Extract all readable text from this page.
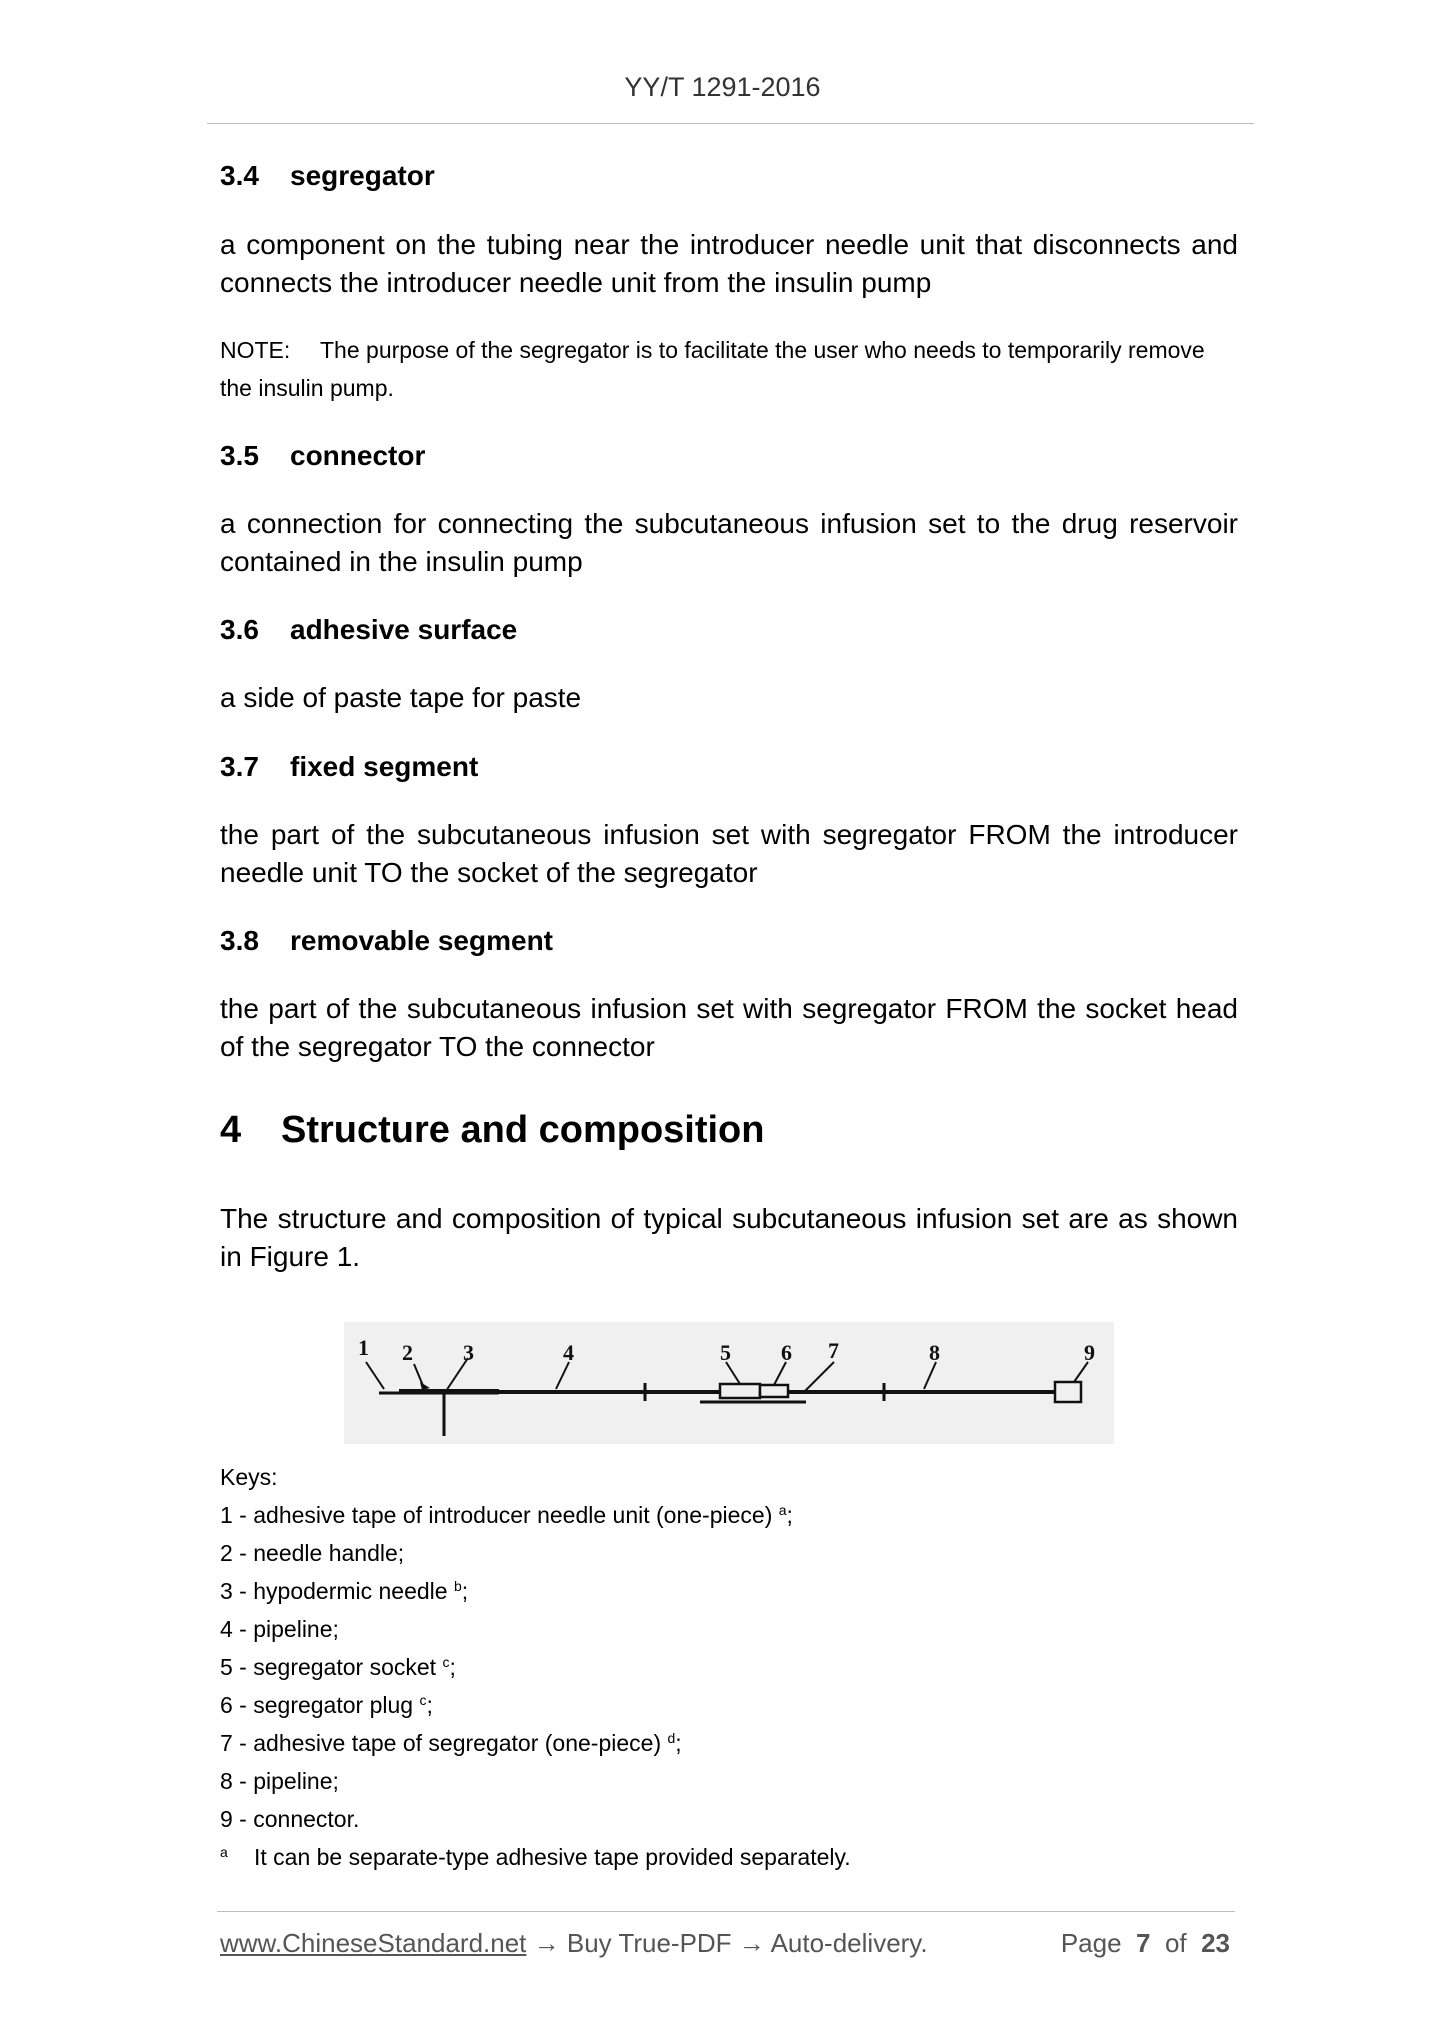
YY/T 1291-2016
3.4 segregator
a component on the tubing near the introducer needle unit that disconnects and connects the introducer needle unit from the insulin pump
NOTE: The purpose of the segregator is to facilitate the user who needs to temporarily remove the insulin pump.
3.5 connector
a connection for connecting the subcutaneous infusion set to the drug reservoir contained in the insulin pump
3.6 adhesive surface
a side of paste tape for paste
3.7 fixed segment
the part of the subcutaneous infusion set with segregator FROM the introducer needle unit TO the socket of the segregator
3.8 removable segment
the part of the subcutaneous infusion set with segregator FROM the socket head of the segregator TO the connector
4 Structure and composition
The structure and composition of typical subcutaneous infusion set are as shown in Figure 1.
1 2 3	4	5 6 7	8	9
Keys:
1 - adhesive tape of introducer needle unit (one-piece) $^a$;
2 - needle handle;
3 - hypodermic needle $^b$;
4 - pipeline;
5 - segregator socket $^c$;
6 - segregator plug $^c$;
7 - adhesive tape of segregator (one-piece) $^d$;
8 - pipeline;
9 - connector.
$^a$ It can be separate-type adhesive tape provided separately.
www.ChineseStandard.net → Buy True-PDF → Auto-delivery.	Page 7 of 23
